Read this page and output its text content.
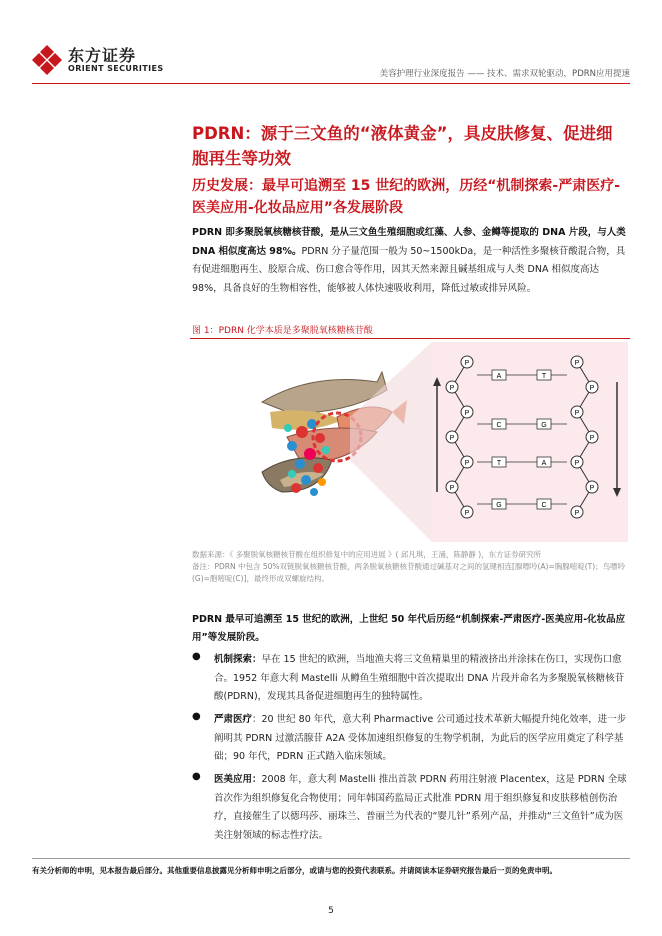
东方证券
ORIENT SECURITIES
美容护理行业深度报告 —— 技术、需求双轮驱动，PDRN应用提速
PDRN：源于三文鱼的“液体黄金”，具皮肤修复、促进细胞再生等功效
历史发展：最早可追溯至 15 世纪的欧洲，历经“机制探索-严肃医疗-医美应用-化妆品应用”各发展阶段
PDRN 即多聚脱氧核糖核苷酸，是从三文鱼生殖细胞或红藻、人参、金鳟等提取的 DNA 片段，与人类 DNA 相似度高达 98%。PDRN 分子量范围一般为 50~1500kDa，是一种活性多聚核苷酸混合物，具有促进细胞再生、胶原合成、伤口愈合等作用，因其天然来源且碱基组成与人类 DNA 相似度高达 98%，具备良好的生物相容性，能够被人体快速吸收利用，降低过敏或排异风险。
图 1：PDRN 化学本质是多聚脱氧核糖核苷酸
P	P
P	P
P	P
P	P
P	P
P	P
P	P
A	T
C	G
T	A
G	C
数据来源：《 多聚脱氧核糖核苷酸在组织修复中的应用进展 》( 邱凡琪，王涌，陈静静 )，东方证券研究所
备注：PDRN 中包含 50%双链脱氧核糖核苷酸，两条脱氧核糖核苷酸通过碱基对之间的氢键相连[腺嘌呤(A)=胸腺嘧啶(T)；鸟嘌呤(G)=胞嘧啶(C)]，最终形成双螺旋结构。
PDRN 最早可追溯至 15 世纪的欧洲，上世纪 50 年代后历经“机制探索-严肃医疗-医美应用-化妆品应用”等发展阶段。
● 机制探索：早在 15 世纪的欧洲，当地渔夫将三文鱼精巢里的精液挤出并涂抹在伤口，实现伤口愈合。1952 年意大利 Mastelli 从鳟鱼生殖细胞中首次提取出 DNA 片段并命名为多聚脱氧核糖核苷酸(PDRN)，发现其具备促进细胞再生的独特属性。
● 严肃医疗：20 世纪 80 年代，意大利 Pharmactive 公司通过技术革新大幅提升纯化效率，进一步阐明其 PDRN 过激活腺苷 A2A 受体加速组织修复的生物学机制，为此后的医学应用奠定了科学基础；90 年代，PDRN 正式踏入临床领域。
● 医美应用：2008 年，意大利 Mastelli 推出首款 PDRN 药用注射液 Placentex，这是 PDRN 全球首次作为组织修复化合物使用；同年韩国药监局正式批准 PDRN 用于组织修复和皮肤移植创伤治疗，直接催生了以德玛莎、丽珠兰、普丽兰为代表的“婴儿针”系列产品，并推动“三文鱼针”成为医美注射领域的标志性疗法。
有关分析师的申明，见本报告最后部分。其他重要信息披露见分析师申明之后部分，或请与您的投资代表联系。并请阅读本证券研究报告最后一页的免责申明。
5
